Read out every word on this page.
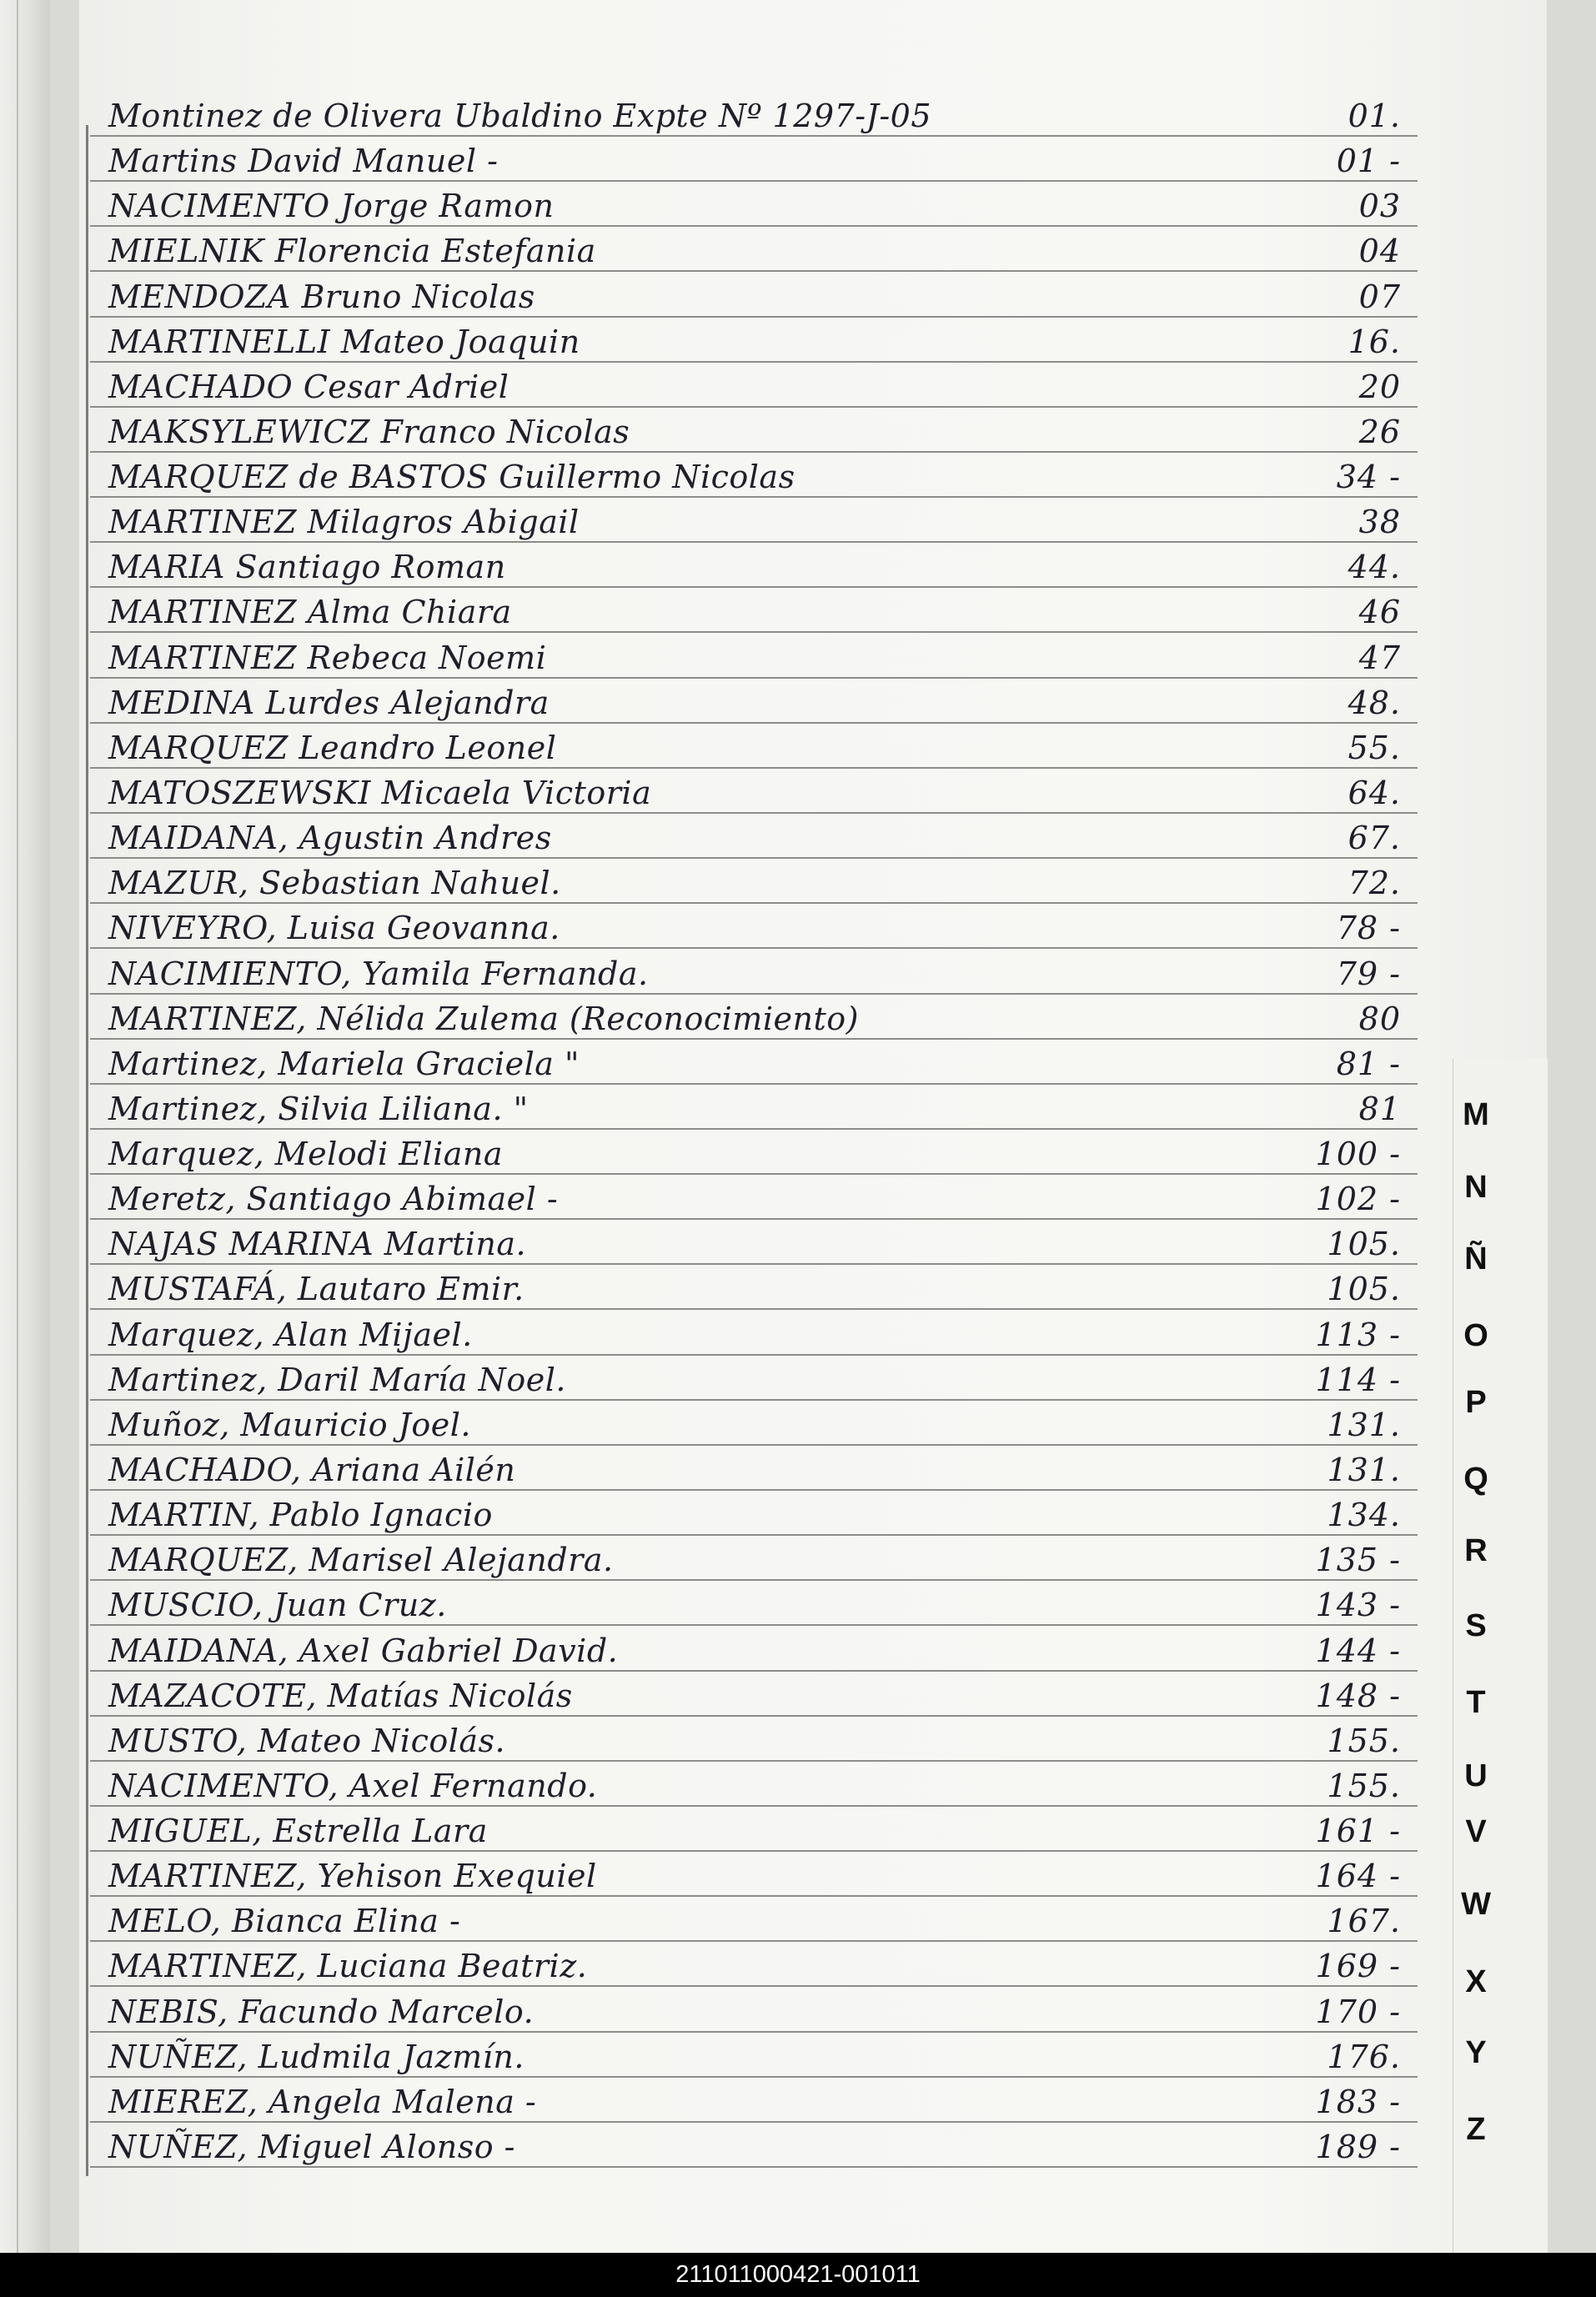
Montinez de Olivera Ubaldino Expte Nº 1297-J-05	01.
Martins David Manuel -	01 -
NACIMENTO Jorge Ramon	03
MIELNIK Florencia Estefania	04
MENDOZA Bruno Nicolas	07
MARTINELLI Mateo Joaquin	16.
MACHADO Cesar Adriel	20
MAKSYLEWICZ Franco Nicolas	26
MARQUEZ de BASTOS Guillermo Nicolas	34 -
MARTINEZ Milagros Abigail	38
MARIA Santiago Roman	44.
MARTINEZ Alma Chiara	46
MARTINEZ Rebeca Noemi	47
MEDINA Lurdes Alejandra	48.
MARQUEZ Leandro Leonel	55.
MATOSZEWSKI Micaela Victoria	64.
MAIDANA, Agustin Andres	67.
MAZUR, Sebastian Nahuel.	72.
NIVEYRO, Luisa Geovanna.	78 -
NACIMIENTO, Yamila Fernanda.	79 -
MARTINEZ, Nélida Zulema (Reconocimiento)	80
Martinez, Mariela Graciela "	81 -
Martinez, Silvia Liliana. "	81
Marquez, Melodi Eliana	100 -
Meretz, Santiago Abimael -	102 -
NAJAS MARINA Martina.	105.
MUSTAFÁ, Lautaro Emir.	105.
Marquez, Alan Mijael.	113 -
Martinez, Daril María Noel.	114 -
Muñoz, Mauricio Joel.	131.
MACHADO, Ariana Ailén	131.
MARTIN, Pablo Ignacio	134.
MARQUEZ, Marisel Alejandra.	135 -
MUSCIO, Juan Cruz.	143 -
MAIDANA, Axel Gabriel David.	144 -
MAZACOTE, Matías Nicolás	148 -
MUSTO, Mateo Nicolás.	155.
NACIMENTO, Axel Fernando.	155.
MIGUEL, Estrella Lara	161 -
MARTINEZ, Yehison Exequiel	164 -
MELO, Bianca Elina -	167.
MARTINEZ, Luciana Beatriz.	169 -
NEBIS, Facundo Marcelo.	170 -
NUÑEZ, Ludmila Jazmín.	176.
MIEREZ, Angela Malena -	183 -
NUÑEZ, Miguel Alonso -	189 -
M
N
Ñ
O
P
Q
R
S
T
U
V
W
X
Y
Z
211011000421-001011
